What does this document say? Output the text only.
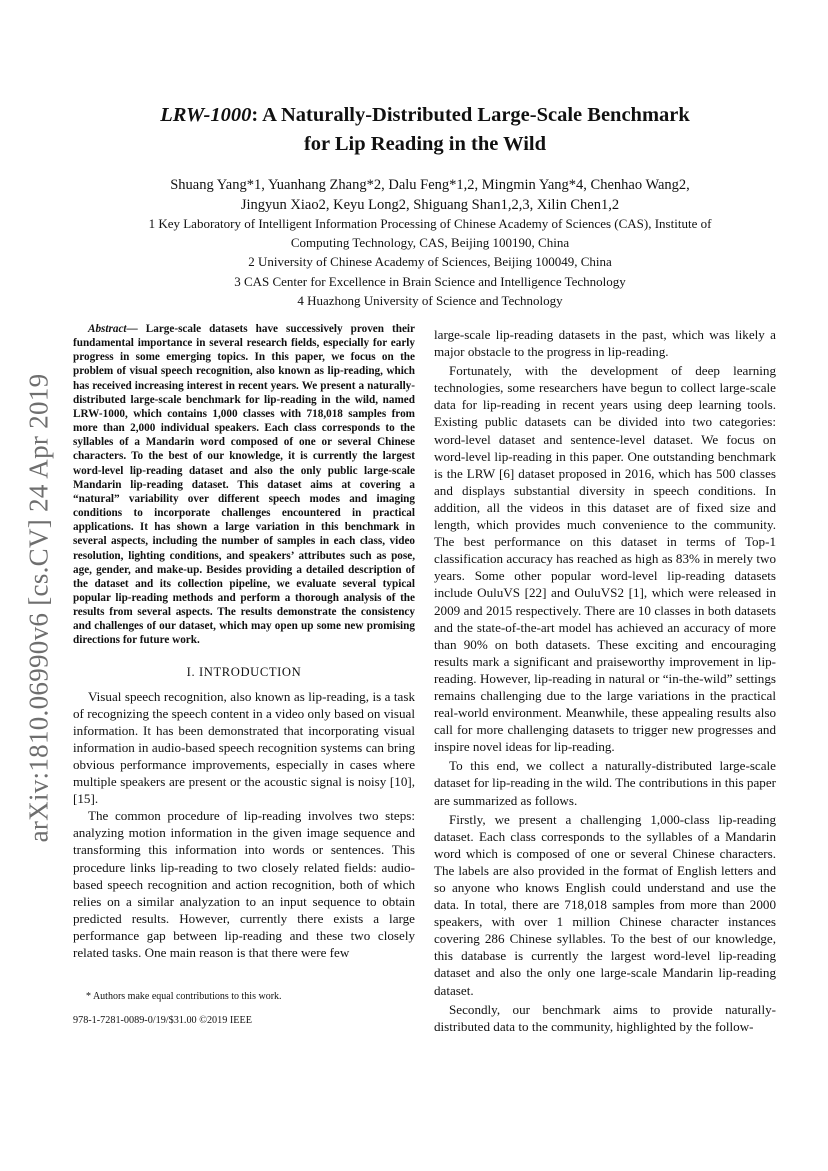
arXiv:1810.06990v6 [cs.CV] 24 Apr 2019
LRW-1000: A Naturally-Distributed Large-Scale Benchmark
for Lip Reading in the Wild
Shuang Yang*1, Yuanhang Zhang*2, Dalu Feng*1,2, Mingmin Yang*4, Chenhao Wang2,
Jingyun Xiao2, Keyu Long2, Shiguang Shan1,2,3, Xilin Chen1,2
1 Key Laboratory of Intelligent Information Processing of Chinese Academy of Sciences (CAS), Institute of
Computing Technology, CAS, Beijing 100190, China
2 University of Chinese Academy of Sciences, Beijing 100049, China
3 CAS Center for Excellence in Brain Science and Intelligence Technology
4 Huazhong University of Science and Technology

Abstract— Large-scale datasets have successively proven their fundamental importance in several research fields, especially for early progress in some emerging topics. In this paper, we focus on the problem of visual speech recognition, also known as lip-reading, which has received increasing interest in recent years. We present a naturally-distributed large-scale benchmark for lip-reading in the wild, named LRW-1000, which contains 1,000 classes with 718,018 samples from more than 2,000 individual speakers. Each class corresponds to the syllables of a Mandarin word composed of one or several Chinese characters. To the best of our knowledge, it is currently the largest word-level lip-reading dataset and also the only public large-scale Mandarin lip-reading dataset. This dataset aims at covering a “natural” variability over different speech modes and imaging conditions to incorporate challenges encountered in practical applications. It has shown a large variation in this benchmark in several aspects, including the number of samples in each class, video resolution, lighting conditions, and speakers’ attributes such as pose, age, gender, and make-up. Besides providing a detailed description of the dataset and its collection pipeline, we evaluate several typical popular lip-reading methods and perform a thorough analysis of the results from several aspects. The results demonstrate the consistency and challenges of our dataset, which may open up some new promising directions for future work.

I. INTRODUCTION

Visual speech recognition, also known as lip-reading, is a task of recognizing the speech content in a video only based on visual information. It has been demonstrated that incorporating visual information in audio-based speech recognition systems can bring obvious performance improvements, especially in cases where multiple speakers are present or the acoustic signal is noisy [10], [15].

The common procedure of lip-reading involves two steps: analyzing motion information in the given image sequence and transforming this information into words or sentences. This procedure links lip-reading to two closely related fields: audio-based speech recognition and action recognition, both of which relies on a similar analyzation to an input sequence to obtain predicted results. However, currently there exists a large performance gap between lip-reading and these two closely related tasks. One main reason is that there were few

large-scale lip-reading datasets in the past, which was likely a major obstacle to the progress in lip-reading.

Fortunately, with the development of deep learning technologies, some researchers have begun to collect large-scale data for lip-reading in recent years using deep learning tools. Existing public datasets can be divided into two categories: word-level dataset and sentence-level dataset. We focus on word-level lip-reading in this paper. One outstanding benchmark is the LRW [6] dataset proposed in 2016, which has 500 classes and displays substantial diversity in speech conditions. In addition, all the videos in this dataset are of fixed size and length, which provides much convenience to the community. The best performance on this dataset in terms of Top-1 classification accuracy has reached as high as 83% in merely two years. Some other popular word-level lip-reading datasets include OuluVS [22] and OuluVS2 [1], which were released in 2009 and 2015 respectively. There are 10 classes in both datasets and the state-of-the-art model has achieved an accuracy of more than 90% on both datasets. These exciting and encouraging results mark a significant and praiseworthy improvement in lip-reading. However, lip-reading in natural or “in-the-wild” settings remains challenging due to the large variations in the practical real-world environment. Meanwhile, these appealing results also call for more challenging datasets to trigger new progresses and inspire novel ideas for lip-reading.

To this end, we collect a naturally-distributed large-scale dataset for lip-reading in the wild. The contributions in this paper are summarized as follows.

Firstly, we present a challenging 1,000-class lip-reading dataset. Each class corresponds to the syllables of a Mandarin word which is composed of one or several Chinese characters. The labels are also provided in the format of English letters and so anyone who knows English could understand and use the data. In total, there are 718,018 samples from more than 2000 speakers, with over 1 million Chinese character instances covering 286 Chinese syllables. To the best of our knowledge, this database is currently the largest word-level lip-reading dataset and also the only one large-scale Mandarin lip-reading dataset.

Secondly, our benchmark aims to provide naturally-distributed data to the community, highlighted by the follow-

* Authors make equal contributions to this work.
978-1-7281-0089-0/19/$31.00 ©2019 IEEE
